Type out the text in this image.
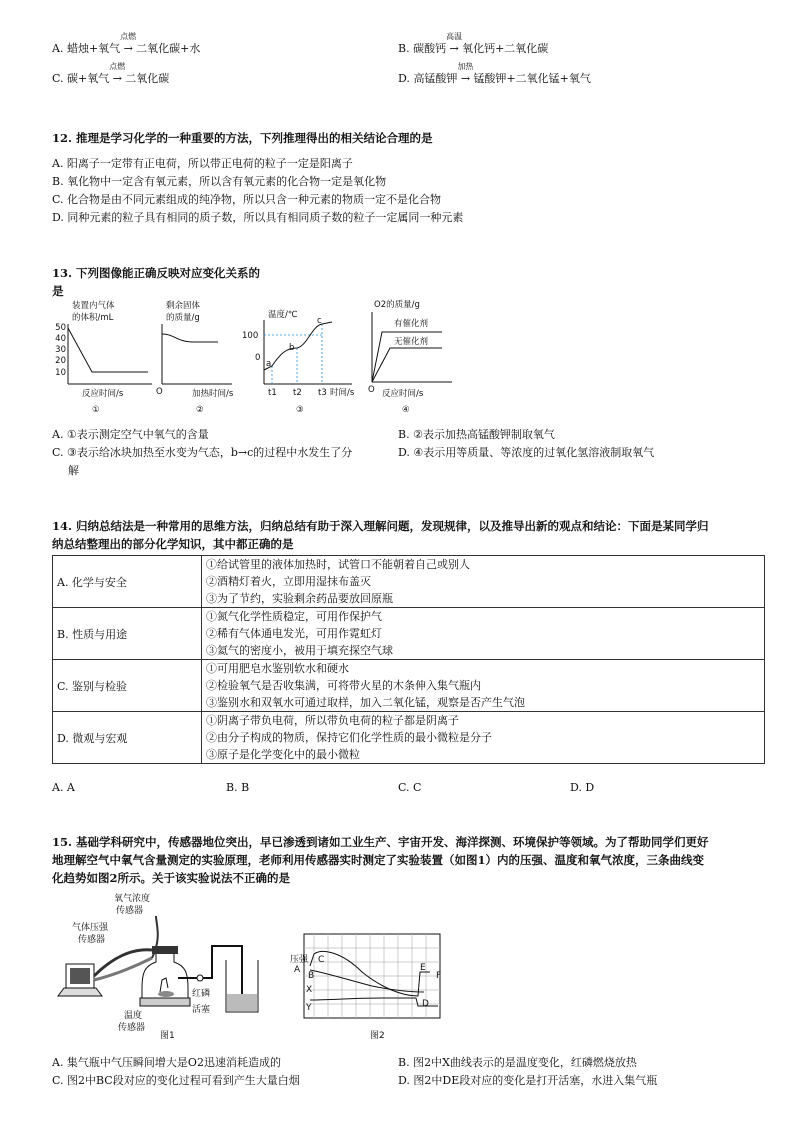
A. 蜡烛+氧气
点燃
→ 二氧化碳+水	B. 碳酸钙
高温
→ 氧化钙+二氧化碳
C. 碳+氧气
点燃
→ 二氧化碳	D. 高锰酸钾
加热
→ 锰酸钾+二氧化锰+氧气
12. 推理是学习化学的一种重要的方法，下列推理得出的相关结论合理的是
A. 阳离子一定带有正电荷，所以带正电荷的粒子一定是阳离子
B. 氧化物中一定含有氧元素，所以含有氧元素的化合物一定是氧化物
C. 化合物是由不同元素组成的纯净物，所以只含一种元素的物质一定不是化合物
D. 同种元素的粒子具有相同的质子数，所以具有相同质子数的粒子一定属同一种元素
13. 下列图像能正确反映对应变化关系的
是
装置内气体
的体积/mL
50
40
30
20
10
反应时间/s
①
剩余固体
的质量/g
O	加热时间/s
②
温度/℃
100
0
a
b
c
t1 t2 t3 时间/s
③
O2的质量/g
O
有催化剂
无催化剂
反应时间/s
④
A. ①表示测定空气中氧气的含量	B. ②表示加热高锰酸钾制取氧气
C. ③表示给冰块加热至水变为气态，b→c的过程中水发生了分
解
D. ④表示用等质量、等浓度的过氧化氢溶液制取氧气
14. 归纳总结法是一种常用的思维方法，归纳总结有助于深入理解问题，发现规律，以及推导出新的观点和结论：下面是某同学归
纳总结整理出的部分化学知识，其中都正确的是
A. 化学与安全	①给试管里的液体加热时，试管口不能朝着自己或别人
②酒精灯着火，立即用湿抹布盖灭
③为了节约，实验剩余药品要放回原瓶

B. 性质与用途	①氮气化学性质稳定，可用作保护气
②稀有气体通电发光，可用作霓虹灯
③氦气的密度小，被用于填充探空气球

C. 鉴别与检验	①可用肥皂水鉴别软水和硬水
②检验氧气是否收集满，可将带火星的木条伸入集气瓶内
③鉴别水和双氧水可通过取样，加入二氧化锰，观察是否产生气泡

D. 微观与宏观	①阴离子带负电荷，所以带负电荷的粒子都是阴离子
②由分子构成的物质，保持它们化学性质的最小微粒是分子
③原子是化学变化中的最小微粒
A. A	B. B	C. C	D. D
15. 基础学科研究中，传感器地位突出，早已渗透到诸如工业生产、宇宙开发、海洋探测、环境保护等领域。为了帮助同学们更好
地理解空气中氧气含量测定的实验原理，老师利用传感器实时测定了实验装置（如图1）内的压强、温度和氧气浓度，三条曲线变
化趋势如图2所示。关于该实验说法不正确的是
氧气浓度
传感器
气体压强
传感器
温度
传感器
红磷
活塞
图1
压强
A
B
C
X
Y	D
E
F
图2
A. 集气瓶中气压瞬间增大是O2迅速消耗造成的	B. 图2中X曲线表示的是温度变化，红磷燃烧放热
C. 图2中BC段对应的变化过程可看到产生大量白烟	D. 图2中DE段对应的变化是打开活塞，水进入集气瓶
